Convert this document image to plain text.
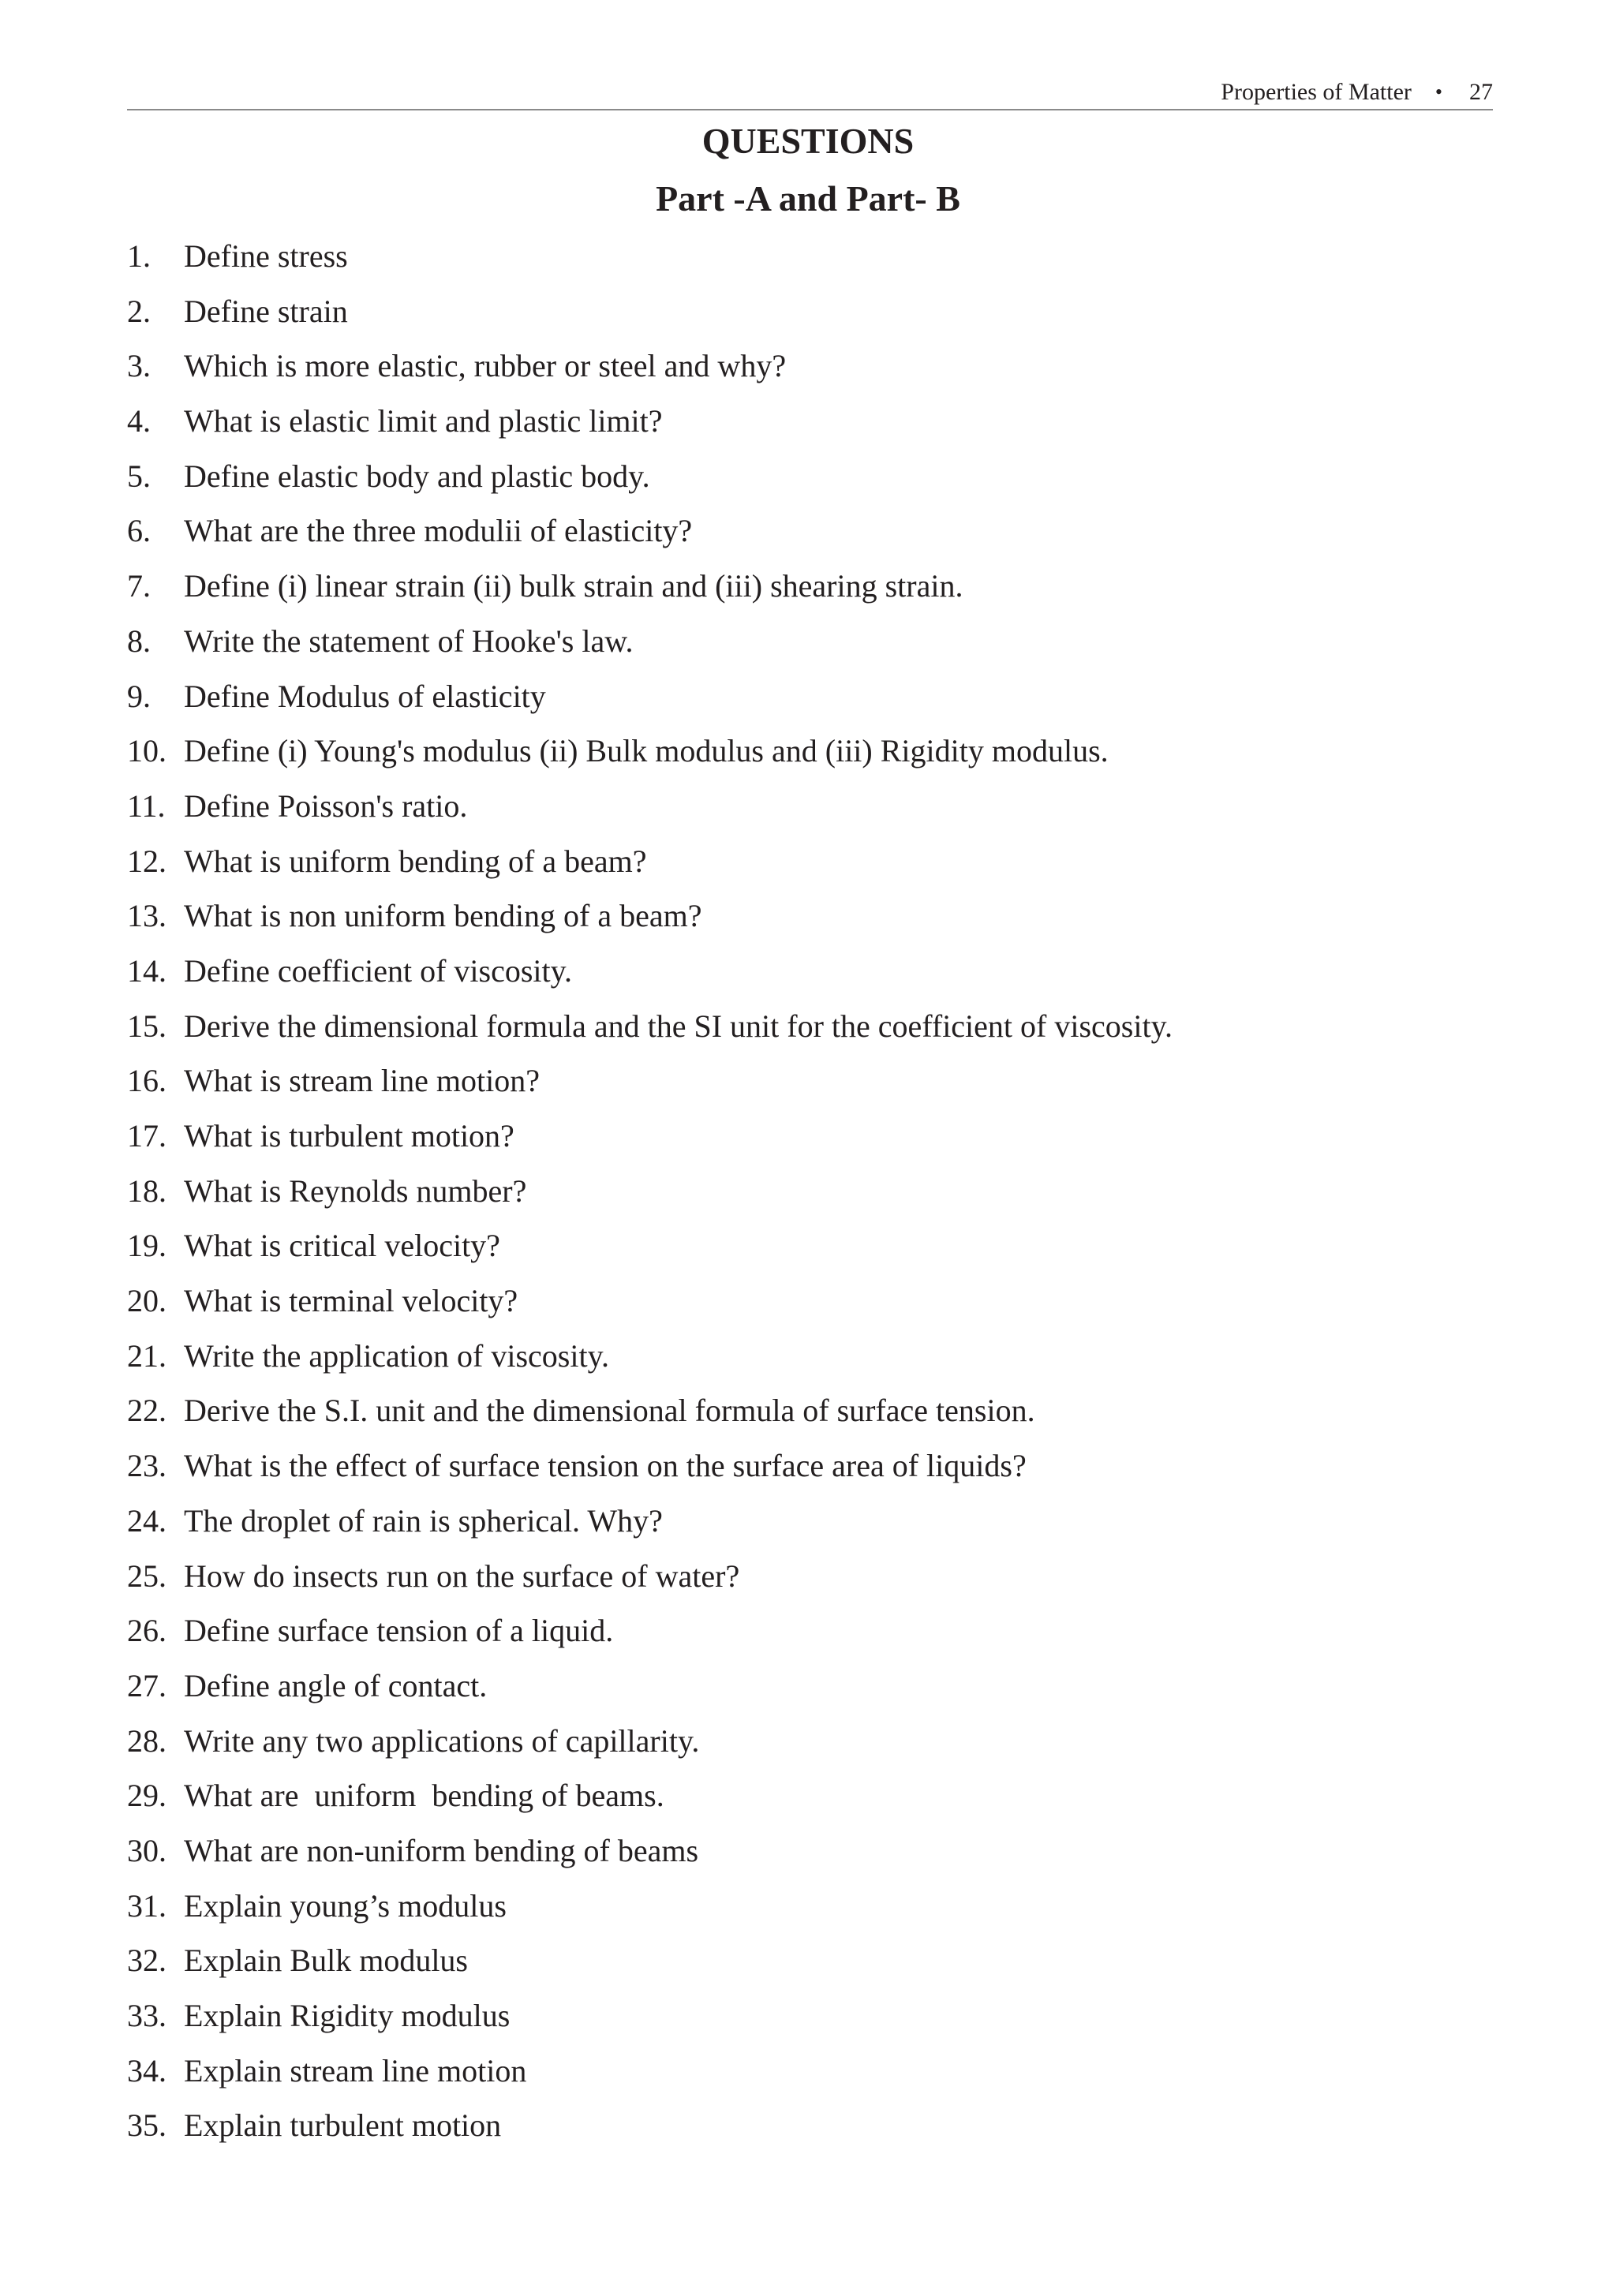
Properties of Matter • 27
QUESTIONS
Part -A and Part- B
1. Define stress
2. Define strain
3. Which is more elastic, rubber or steel and why?
4. What is elastic limit and plastic limit?
5. Define elastic body and plastic body.
6. What are the three modulii of elasticity?
7. Define (i) linear strain (ii) bulk strain and (iii) shearing strain.
8. Write the statement of Hooke's law.
9. Define Modulus of elasticity
10. Define (i) Young's modulus (ii) Bulk modulus and (iii) Rigidity modulus.
11. Define Poisson's ratio.
12. What is uniform bending of a beam?
13. What is non uniform bending of a beam?
14. Define coefficient of viscosity.
15. Derive the dimensional formula and the SI unit for the coefficient of viscosity.
16. What is stream line motion?
17. What is turbulent motion?
18. What is Reynolds number?
19. What is critical velocity?
20. What is terminal velocity?
21. Write the application of viscosity.
22. Derive the S.I. unit and the dimensional formula of surface tension.
23. What is the effect of surface tension on the surface area of liquids?
24. The droplet of rain is spherical. Why?
25. How do insects run on the surface of water?
26. Define surface tension of a liquid.
27. Define angle of contact.
28. Write any two applications of capillarity.
29. What are  uniform  bending of beams.
30. What are non-uniform bending of beams
31. Explain young’s modulus
32. Explain Bulk modulus
33. Explain Rigidity modulus
34. Explain stream line motion
35. Explain turbulent motion
